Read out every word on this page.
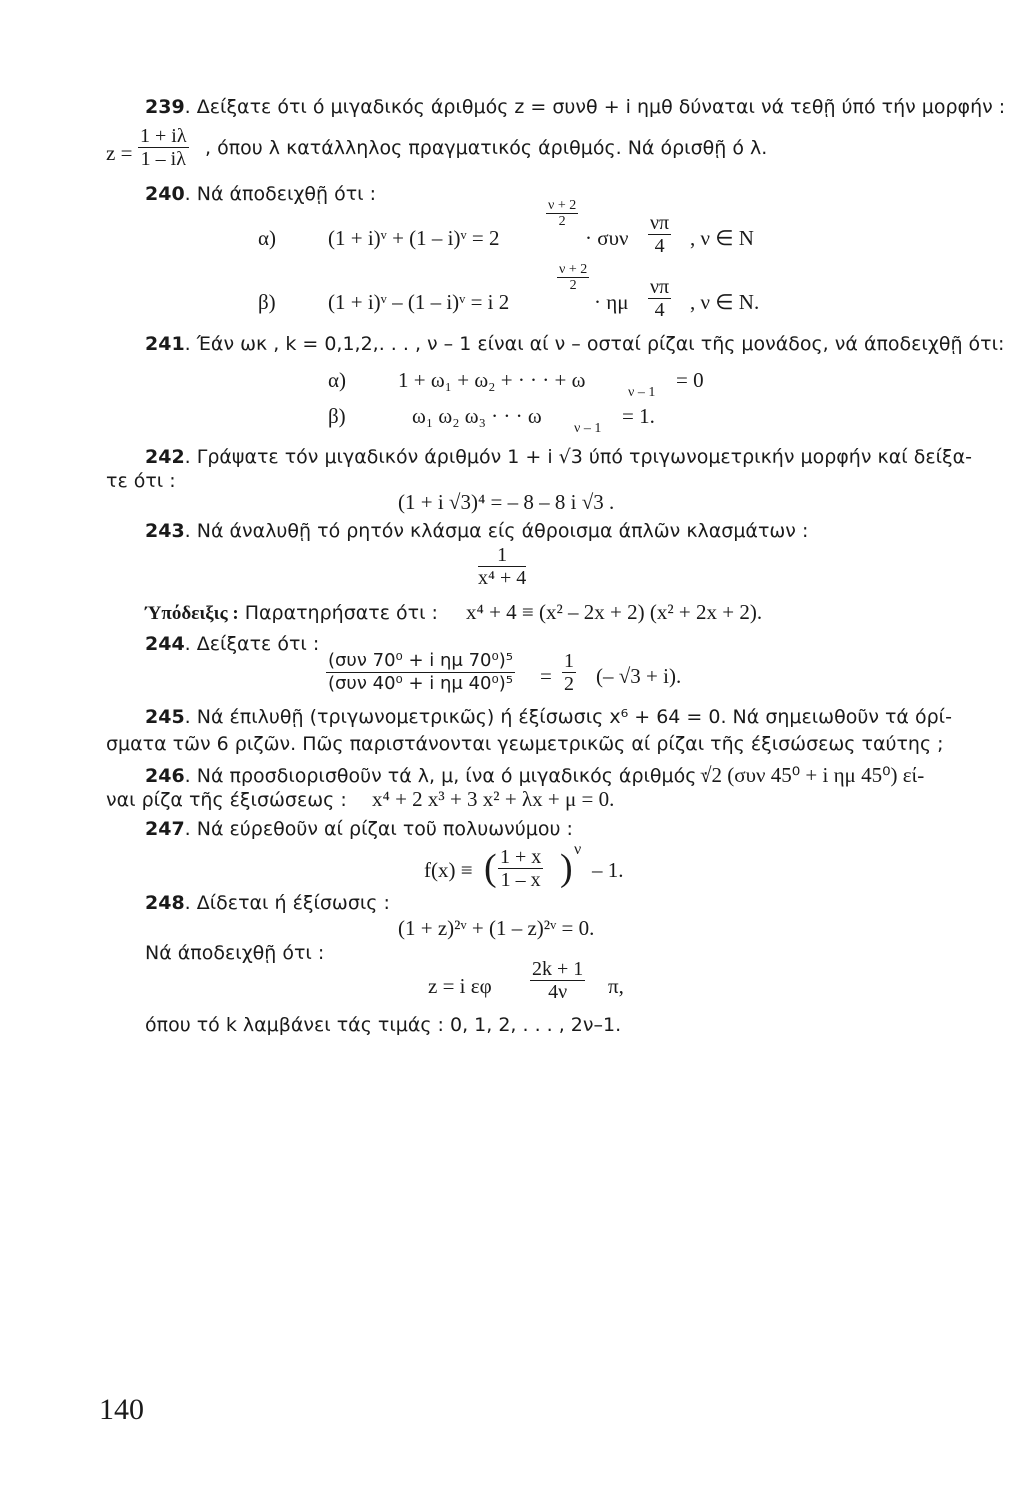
239. Δείξατε ότι ό μιγαδικός άριθμός z = συνθ + i ημθ δύναται νά τεθῇ ύπό τήν μορφήν :
$z = \frac{1 + i\lambda}{1 - i\lambda}$ , όπου λ κατάλληλος πραγματικός άριθμός. Νά όρισθῇ ό λ.
240. Νά άποδειχθῇ ότι :
α) (1 + i)ᵛ + (1 – i)ᵛ = 2
$\frac{\nu + 2}{2}$
· συν $\frac{\nu\pi}{4}$ , ν ∈ N
β) (1 + i)ᵛ – (1 – i)ᵛ = i 2
$\frac{\nu + 2}{2}$
· ημ $\frac{\nu\pi}{4}$ , ν ∈ N.
241. Έάν ωκ , k = 0,1,2,. . . , ν – 1 είναι αί ν – οσταί ρίζαι τῆς μονάδος, νά άποδειχθῇ ότι:
α) 1 + ω₁ + ω₂ + · · · + ω
ν – 1
= 0
β)	ω₁ ω₂ ω₃ · · · ω
ν – 1
= 1.
242. Γράψατε τόν μιγαδικόν άριθμόν 1 + i √3 ύπό τριγωνομετρικήν μορφήν καί δείξα-
τε ότι :
(1 + i √3)⁴ = – 8 – 8 i √3 .
243. Νά άναλυθῇ τό ρητόν κλάσμα είς άθροισμα άπλῶν κλασμάτων :
$\frac{1}{\text{x⁴ + 4}}$
Ύπόδειξις : Παρατηρήσατε ότι : x⁴ + 4 ≡ (x² – 2x + 2) (x² + 2x + 2).
244. Δείξατε ότι :
(συν 70⁰ + i ημ 70⁰)⁵
(συν 40⁰ + i ημ $40^0)^5 = \frac{1}{2}$ (– √3 + i).
245. Νά έπιλυθῇ (τριγωνομετρικῶς) ή έξίσωσις x⁶ + 64 = 0. Νά σημειωθοῦν τά όρί-
σματα τῶν 6 ριζῶν. Πῶς παριστάνονται γεωμετρικῶς αί ρίζαι τῆς έξισώσεως ταύτης ;
246. Νά προσδιορισθοῦν τά λ, μ, ίνα ό μιγαδικός άριθμός :
√2 (συν 45⁰ + i ημ 45⁰) εί-
ναι ρίζα τῆς έξισώσεως : x⁴ + 2 x³ + 3 x² + λx + μ = 0.
247. Νά εύρεθοῦν αί ρίζαι τοῦ πολυωνύμου :
f(x) ≡ ( $\frac{1 + x}{1 - x}$ ) ν
– 1.
248. Δίδεται ή έξίσωσις :
(1 + z)²ᵛ + (1 – z)²ᵛ = 0.
Νά άποδειχθῇ ότι :
z = i εφ $\frac{2k + 1}{4\nu} \pi$,
όπου τό k λαμβάνει τάς τιμάς : 0, 1, 2, . . . , 2ν–1.
140
